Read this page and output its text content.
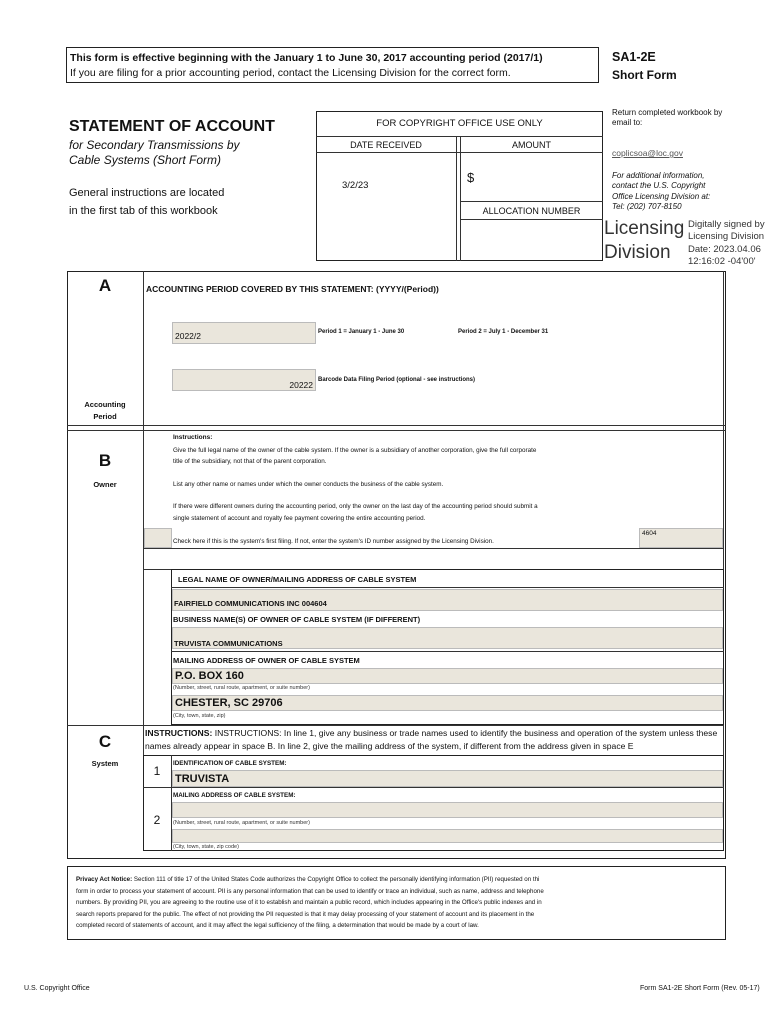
This form is effective beginning with the January 1 to June 30, 2017 accounting period (2017/1)
If you are filing for a prior accounting period, contact the Licensing Division for the correct form.
SA1-2E
Short Form
Return completed workbook by email to:
coplicsoa@loc.gov
For additional information,
contact the U.S. Copyright
Office Licensing Division at:
Tel: (202) 707-8150
STATEMENT OF ACCOUNT
for Secondary Transmissions by
Cable Systems (Short Form)
General instructions are located
in the first tab of this workbook
FOR COPYRIGHT OFFICE USE ONLY
DATE RECEIVED	AMOUNT
3/2/23
$
ALLOCATION NUMBER
Licensing
Division
Digitally signed by
Licensing Division
Date: 2023.04.06
12:16:02 -04'00'
A	ACCOUNTING PERIOD COVERED BY THIS STATEMENT: (YYYY/(Period))
2022/2	Period 1 = January 1 - June 30	Period 2 = July 1 - December 31
20222 Barcode Data Filing Period (optional - see instructions)
Accounting
Period
B
Owner
Instructions:
Give the full legal name of the owner of the cable system. If the owner is a subsidiary of another corporation, give the full corporate
title of the subsidiary, not that of the parent corporation.
List any other name or names under which the owner conducts the business of the cable system.
If there were different owners during the accounting period, only the owner on the last day of the accounting period should submit a
single statement of account and royalty fee payment covering the entire accounting period.
Check here if this is the system's first filing. If not, enter the system's ID number assigned by the Licensing Division.
4604
LEGAL NAME OF OWNER/MAILING ADDRESS OF CABLE SYSTEM
FAIRFIELD COMMUNICATIONS INC 004604
BUSINESS NAME(S) OF OWNER OF CABLE SYSTEM (IF DIFFERENT)
TRUVISTA COMMUNICATIONS
MAILING ADDRESS OF OWNER OF CABLE SYSTEM
P.O. BOX 160
(Number, street, rural route, apartment, or suite number)
CHESTER, SC 29706
(City, town, state, zip)
C
System
INSTRUCTIONS: INSTRUCTIONS: In line 1, give any business or trade names used to identify the business and operation of the system unless these
names already appear in space B. In line 2, give the mailing address of the system, if different from the address given in space E
1
IDENTIFICATION OF CABLE SYSTEM:
TRUVISTA
MAILING ADDRESS OF CABLE SYSTEM:
2	(Number, street, rural route, apartment, or suite number)
(City, town, state, zip code)
Privacy Act Notice: Section 111 of title 17 of the United States Code authorizes the Copyright Office to collect the personally identifying information (PII) requested on thi
form in order to process your statement of account. PII is any personal information that can be used to identify or trace an individual, such as name, address and telephone
numbers. By providing PII, you are agreeing to the routine use of it to establish and maintain a public record, which includes appearing in the Office's public indexes and in
search reports prepared for the public. The effect of not providing the PII requested is that it may delay processing of your statement of account and its placement in the
completed record of statements of account, and it may affect the legal sufficiency of the filing, a determination that would be made by a court of law.
U.S. Copyright Office	Form SA1-2E Short Form (Rev. 05-17)
